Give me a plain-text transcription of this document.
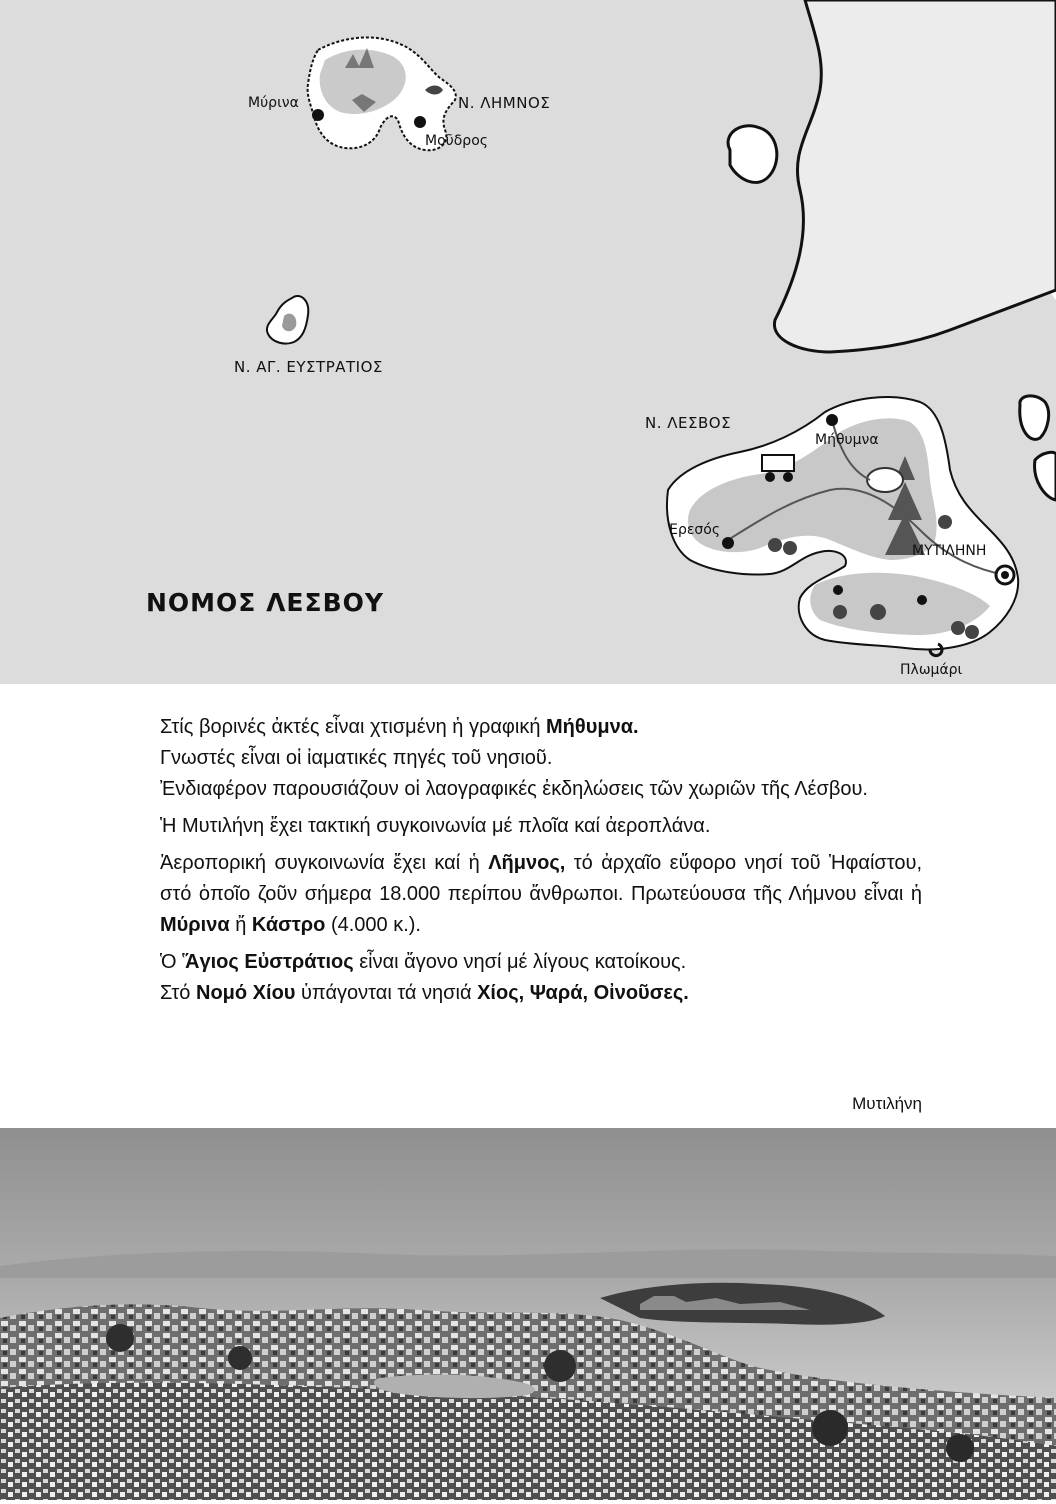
Μύρινα	Ν. ΛΗΜΝΟΣ
Μοῦδρος
Ν. ΑΓ. ΕΥΣΤΡΑΤΙΟΣ
Ν. ΛΕΣΒΟΣ
Μήθυμνα
Ἐρεσός
ΜΥΤΙΛΗΝΗ
Πλωμάρι
ΝΟΜΟΣ ΛΕΣΒΟΥ

Στίς βορινές ἀκτές εἶναι χτισμένη ἡ γραφική Μήθυμνα.

Γνωστές εἶναι οἱ ἰαματικές πηγές τοῦ νησιοῦ.

Ἐνδιαφέρον παρουσιάζουν οἱ λαογραφικές ἐκδηλώσεις τῶν χωριῶν τῆς Λέσβου.

Ἡ Μυτιλήνη ἔχει τακτική συγκοινωνία μέ πλοῖα καί ἀεροπλάνα.

Ἀεροπορική συγκοινωνία ἔχει καί ἡ Λῆμνος, τό ἀρχαῖο εὔφορο νησί τοῦ Ἡφαίστου, στό ὁποῖο ζοῦν σήμερα 18.000 περίπου ἄνθρωποι. Πρωτεύουσα τῆς Λήμνου εἶναι ἡ Μύρινα ἤ Κάστρο (4.000 κ.).

Ὁ Ἅγιος Εὐστράτιος εἶναι ἄγονο νησί μέ λίγους κατοίκους.

Στό Νομό Χίου ὑπάγονται τά νησιά Χίος, Ψαρά, Οἰνοῦσες.

Μυτιλήνη
